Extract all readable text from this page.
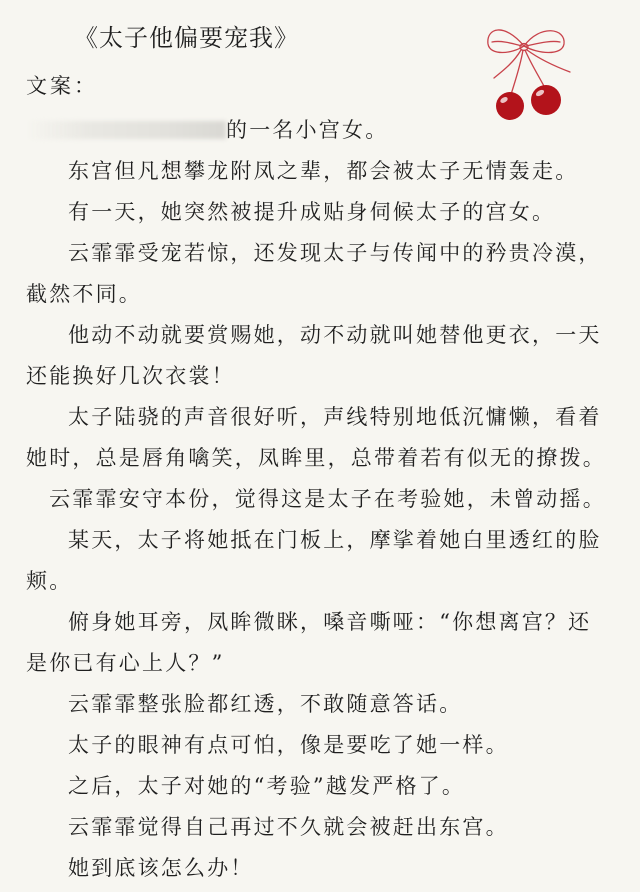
《太子他偏要宠我》
文案：

的一名小宫女。

东宫但凡想攀龙附凤之辈，都会被太子无情轰走。

有一天，她突然被提升成贴身伺候太子的宫女。

云霏霏受宠若惊，还发现太子与传闻中的矜贵冷漠，截然不同。

他动不动就要赏赐她，动不动就叫她替他更衣，一天还能换好几次衣裳！

太子陆骁的声音很好听，声线特别地低沉慵懒，看着她时，总是唇角噙笑，凤眸里，总带着若有似无的撩拨。

云霏霏安守本份，觉得这是太子在考验她，未曾动摇。

某天，太子将她抵在门板上，摩挲着她白里透红的脸颊。

俯身她耳旁，凤眸微眯，嗓音嘶哑：“你想离宫？还是你已有心上人？”

云霏霏整张脸都红透，不敢随意答话。

太子的眼神有点可怕，像是要吃了她一样。

之后，太子对她的“考验”越发严格了。

云霏霏觉得自己再过不久就会被赶出东宫。

她到底该怎么办！
